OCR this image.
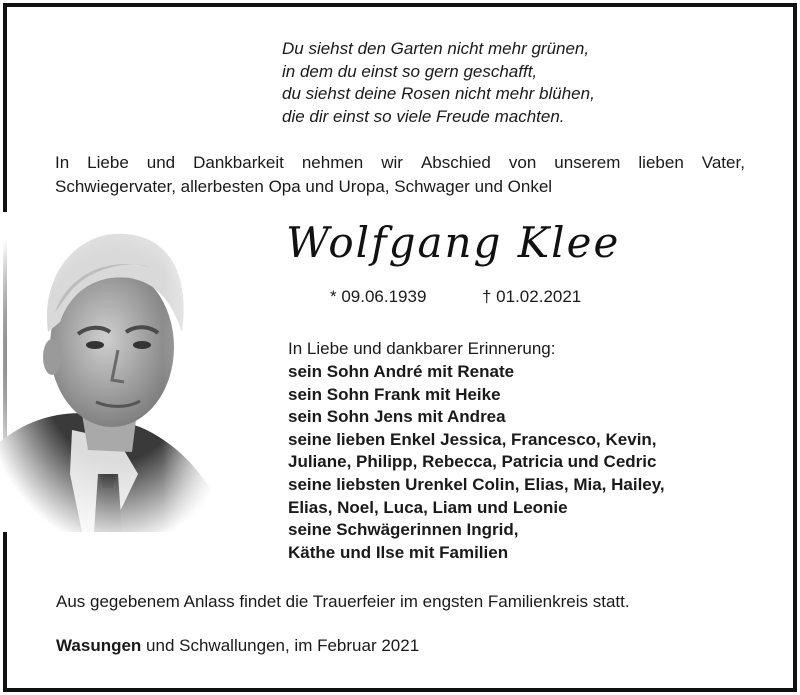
Du siehst den Garten nicht mehr grünen,
in dem du einst so gern geschafft,
du siehst deine Rosen nicht mehr blühen,
die dir einst so viele Freude machten.
In Liebe und Dankbarkeit nehmen wir Abschied von unserem lieben Vater,
Schwiegervater, allerbesten Opa und Uropa, Schwager und Onkel
Wolfgang Klee
* 09.06.1939	† 01.02.2021
In Liebe und dankbarer Erinnerung:
sein Sohn André mit Renate
sein Sohn Frank mit Heike
sein Sohn Jens mit Andrea
seine lieben Enkel Jessica, Francesco, Kevin,
Juliane, Philipp, Rebecca, Patricia und Cedric
seine liebsten Urenkel Colin, Elias, Mia, Hailey,
Elias, Noel, Luca, Liam und Leonie
seine Schwägerinnen Ingrid,
Käthe und Ilse mit Familien
Aus gegebenem Anlass findet die Trauerfeier im engsten Familienkreis statt.
Wasungen und Schwallungen, im Februar 2021
